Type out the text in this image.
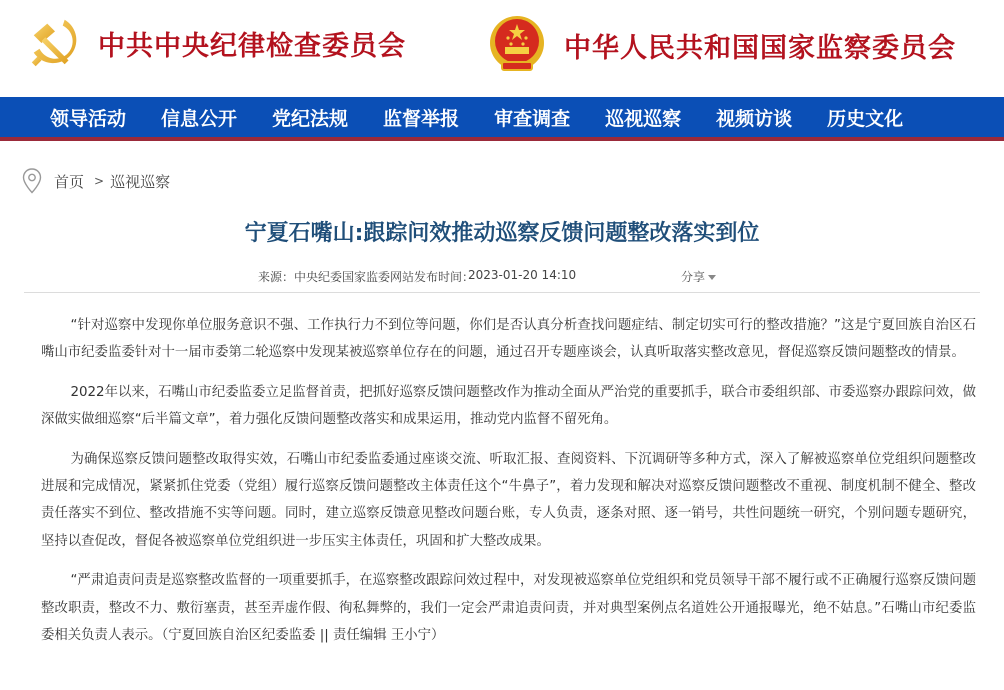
中共中央纪律检查委员会	中华人民共和国国家监察委员会
领导活动 信息公开 党纪法规 监督举报 审查调查 巡视巡察 视频访谈 历史文化
首页 > 巡视巡察
宁夏石嘴山:跟踪问效推动巡察反馈问题整改落实到位
来源：中央纪委国家监委网站 发布时间：
2023-01-20 14:10	分享

“针对巡察中发现你单位服务意识不强、工作执行力不到位等问题，你们是否认真分析查找问题症结、制定切实可行的整改措施？”这是宁夏回族自治区石嘴山市纪委监委针对十一届市委第二轮巡察中发现某被巡察单位存在的问题，通过召开专题座谈会，认真听取落实整改意见，督促巡察反馈问题整改的情景。

2022年以来，石嘴山市纪委监委立足监督首责，把抓好巡察反馈问题整改作为推动全面从严治党的重要抓手，联合市委组织部、市委巡察办跟踪问效，做深做实做细巡察“后半篇文章”，着力强化反馈问题整改落实和成果运用，推动党内监督不留死角。

为确保巡察反馈问题整改取得实效，石嘴山市纪委监委通过座谈交流、听取汇报、查阅资料、下沉调研等多种方式，深入了解被巡察单位党组织问题整改进展和完成情况，紧紧抓住党委（党组）履行巡察反馈问题整改主体责任这个“牛鼻子”，着力发现和解决对巡察反馈问题整改不重视、制度机制不健全、整改责任落实不到位、整改措施不实等问题。同时，建立巡察反馈意见整改问题台账，专人负责，逐条对照、逐一销号，共性问题统一研究，个别问题专题研究，坚持以查促改，督促各被巡察单位党组织进一步压实主体责任，巩固和扩大整改成果。

“严肃追责问责是巡察整改监督的一项重要抓手，在巡察整改跟踪问效过程中，对发现被巡察单位党组织和党员领导干部不履行或不正确履行巡察反馈问题整改职责，整改不力、敷衍塞责，甚至弄虚作假、徇私舞弊的，我们一定会严肃追责问责，并对典型案例点名道姓公开通报曝光，绝不姑息。”石嘴山市纪委监委相关负责人表示。（宁夏回族自治区纪委监委 || 责任编辑 王小宁）
